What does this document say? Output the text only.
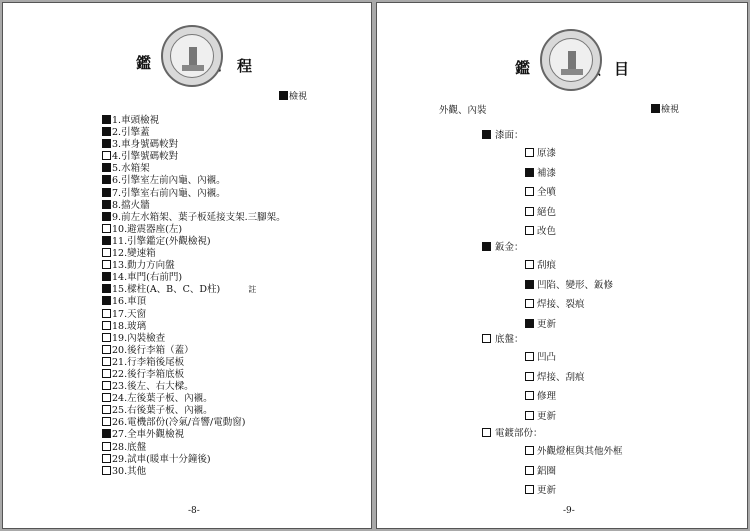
鑑	程
檢視
1.車頭檢視
2.引擎蓋
3.車身號碼較對
4.引擎號碼較對
5.水箱架
6.引擎室左前內龜、內襯。
7.引擎室右前內龜、內襯。
8.擋火牆
9.前左水箱架、葉子板延接支架.三腳架。
10.避震器座(左)
11.引擎鑑定(外觀檢視)
12.變速箱
13.動力方向盤
14.車門(右前門)
15.樑柱(A、B、C、D柱)	註
16.車頂
17.天窗
18.玻璃
19.內裝檢查
20.後行李箱（蓋）
21.行李箱後尾板
22.後行李箱底板
23.後左、右大樑。
24.左後葉子板、內襯。
25.右後葉子板、內襯。
26.電機部份(冷氣/音響/電動窗)
27.全車外觀檢視
28.底盤
29.試車(暖車十分鐘後)
30.其他
-8-
鑑	目
外觀、內裝	檢視
漆面：
原漆
補漆
全噴
絕色
改色
鈑金：
刮痕
凹陷、變形、鈑修
焊接、裂痕
更新
底盤：
凹凸
焊接、刮痕
修理
更新
電鍍部份：
外觀燈框與其他外框
鋁圈
更新
-9-
